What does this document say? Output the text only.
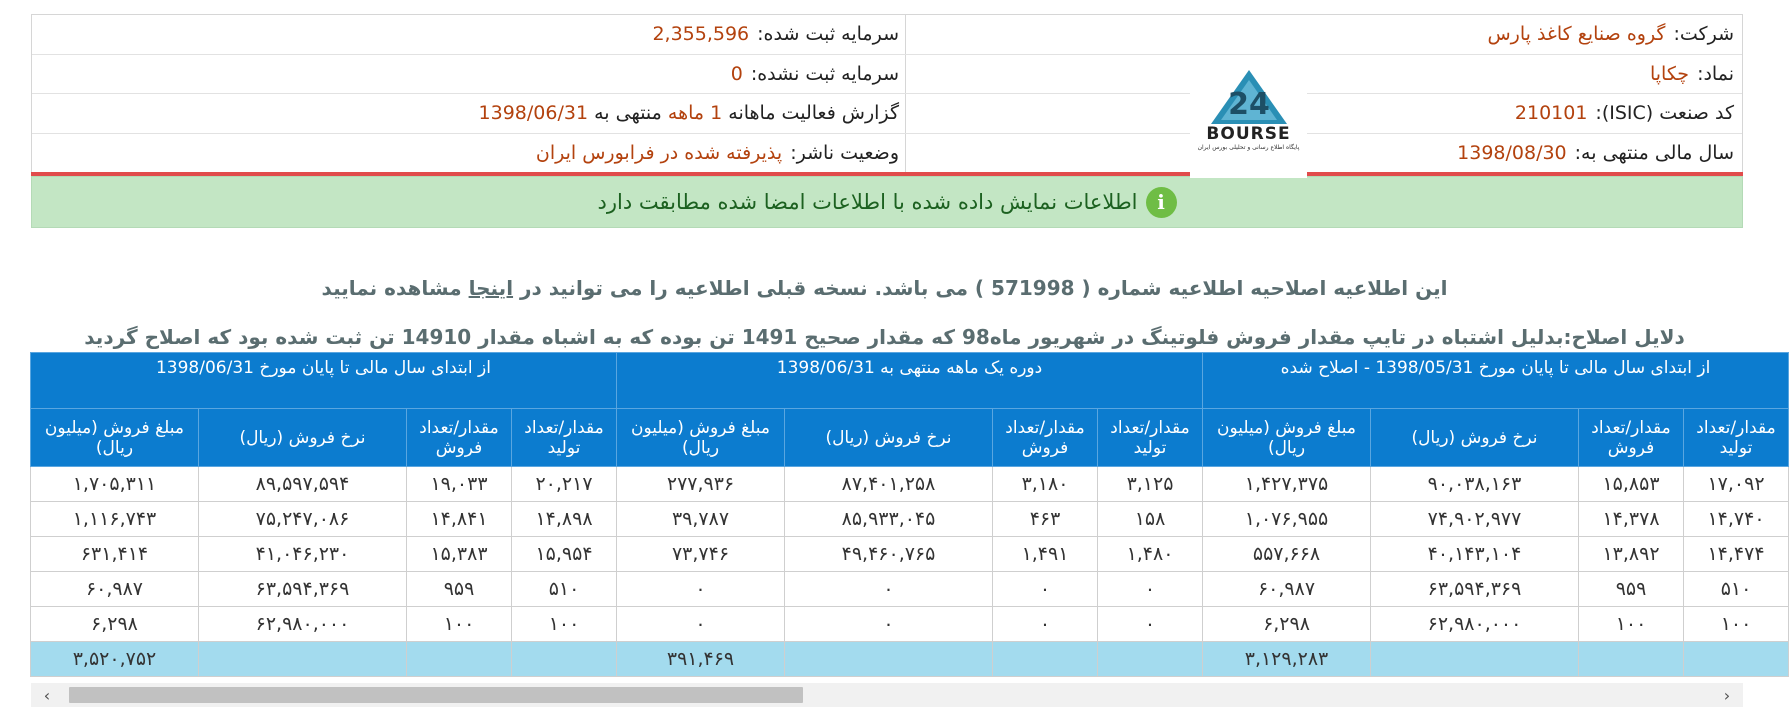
شرکت:
گروه صنایع کاغذ پارس
نماد:
چکاپا
کد صنعت (ISIC):
210101
سال مالی منتهی به:
1398/08/30
سرمایه ثبت شده:
2,355,596
سرمایه ثبت نشده:
0
گزارش فعالیت ماهانه

1 ماهه

منتهی به

1398/06/31
وضعیت ناشر:
پذیرفته شده در فرابورس ایران
24
BOURSE
پایگاه اطلاع رسانی و تحلیلی بورس ایران
i
اطلاعات نمایش داده شده با اطلاعات امضا شده مطابقت دارد
این اطلاعیه اصلاحیه اطلاعیه شماره ( 571998 ) می باشد. نسخه قبلی اطلاعیه را می توانید در اینجا مشاهده نمایید
دلایل اصلاح:بدلیل اشتباه در تایپ مقدار فروش فلوتینگ در شهریور ماه98 که مقدار صحیح 1491 تن بوده که به اشباه مقدار 14910 تن ثبت شده بود که اصلاح گردید
از ابتدای سال مالی تا پایان مورخ 1398/05/31 - اصلاح شده				دوره یک ماهه منتهی به 1398/06/31				از ابتدای سال مالی تا پایان مورخ 1398/06/31			
مقدار/تعداد تولید	مقدار/تعداد فروش	نرخ فروش (ریال)	مبلغ فروش (میلیون ریال)	مقدار/تعداد تولید	مقدار/تعداد فروش	نرخ فروش (ریال)	مبلغ فروش (میلیون ریال)	مقدار/تعداد تولید	مقدار/تعداد فروش	نرخ فروش (ریال)	مبلغ فروش (میلیون ریال)
۱۷,۰۹۲	۱۵,۸۵۳	۹۰,۰۳۸,۱۶۳	۱,۴۲۷,۳۷۵	۳,۱۲۵	۳,۱۸۰	۸۷,۴۰۱,۲۵۸	۲۷۷,۹۳۶	۲۰,۲۱۷	۱۹,۰۳۳	۸۹,۵۹۷,۵۹۴	۱,۷۰۵,۳۱۱
۱۴,۷۴۰	۱۴,۳۷۸	۷۴,۹۰۲,۹۷۷	۱,۰۷۶,۹۵۵	۱۵۸	۴۶۳	۸۵,۹۳۳,۰۴۵	۳۹,۷۸۷	۱۴,۸۹۸	۱۴,۸۴۱	۷۵,۲۴۷,۰۸۶	۱,۱۱۶,۷۴۳
۱۴,۴۷۴	۱۳,۸۹۲	۴۰,۱۴۳,۱۰۴	۵۵۷,۶۶۸	۱,۴۸۰	۱,۴۹۱	۴۹,۴۶۰,۷۶۵	۷۳,۷۴۶	۱۵,۹۵۴	۱۵,۳۸۳	۴۱,۰۴۶,۲۳۰	۶۳۱,۴۱۴
۵۱۰	۹۵۹	۶۳,۵۹۴,۳۶۹	۶۰,۹۸۷	۰	۰	۰	۰	۵۱۰	۹۵۹	۶۳,۵۹۴,۳۶۹	۶۰,۹۸۷
۱۰۰	۱۰۰	۶۲,۹۸۰,۰۰۰	۶,۲۹۸	۰	۰	۰	۰	۱۰۰	۱۰۰	۶۲,۹۸۰,۰۰۰	۶,۲۹۸
			۳,۱۲۹,۲۸۳				۳۹۱,۴۶۹				۳,۵۲۰,۷۵۲
‹	›
